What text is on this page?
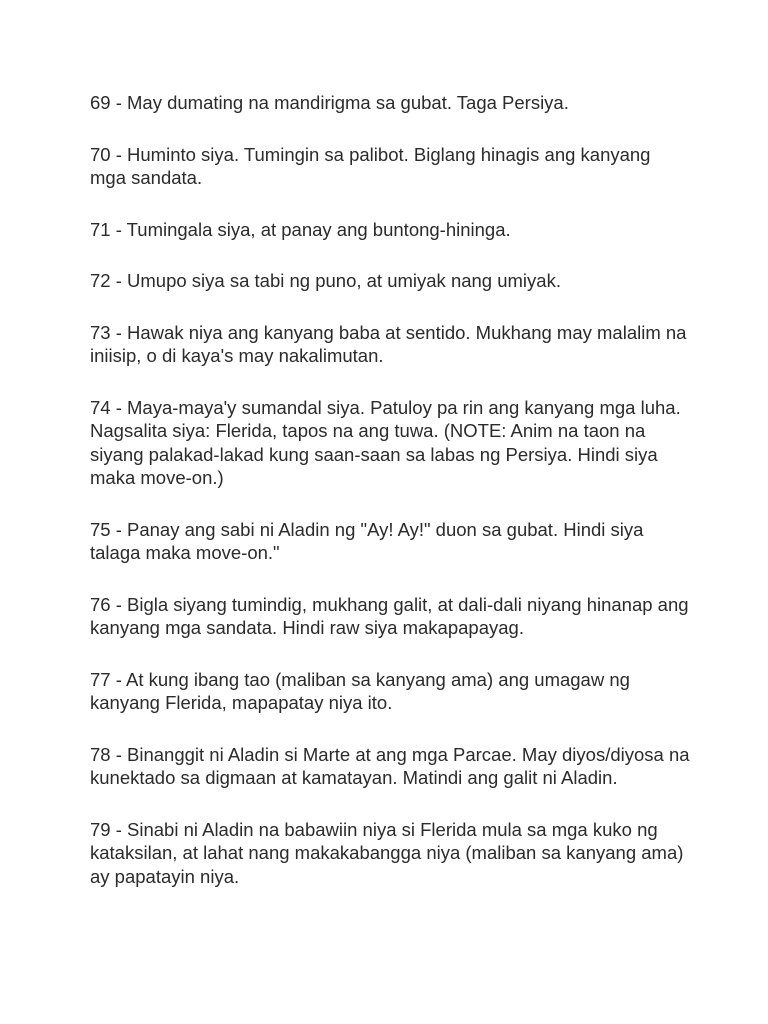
69 - May dumating na mandirigma sa gubat. Taga Persiya.

70 - Huminto siya. Tumingin sa palibot. Biglang hinagis ang kanyang mga sandata.

71 - Tumingala siya, at panay ang buntong-hininga.

72 - Umupo siya sa tabi ng puno, at umiyak nang umiyak.

73 - Hawak niya ang kanyang baba at sentido. Mukhang may malalim na iniisip, o di kaya's may nakalimutan.

74 - Maya-maya'y sumandal siya. Patuloy pa rin ang kanyang mga luha. Nagsalita siya: Flerida, tapos na ang tuwa. (NOTE: Anim na taon na siyang palakad-lakad kung saan-saan sa labas ng Persiya. Hindi siya maka move-on.)

75 - Panay ang sabi ni Aladin ng "Ay! Ay!" duon sa gubat. Hindi siya talaga maka move-on."

76 - Bigla siyang tumindig, mukhang galit, at dali-dali niyang hinanap ang kanyang mga sandata. Hindi raw siya makapapayag.

77 - At kung ibang tao (maliban sa kanyang ama) ang umagaw ng kanyang Flerida, mapapatay niya ito.

78 - Binanggit ni Aladin si Marte at ang mga Parcae. May diyos/diyosa na kunektado sa digmaan at kamatayan. Matindi ang galit ni Aladin.

79 - Sinabi ni Aladin na babawiin niya si Flerida mula sa mga kuko ng kataksilan, at lahat nang makakabangga niya (maliban sa kanyang ama) ay papatayin niya.
